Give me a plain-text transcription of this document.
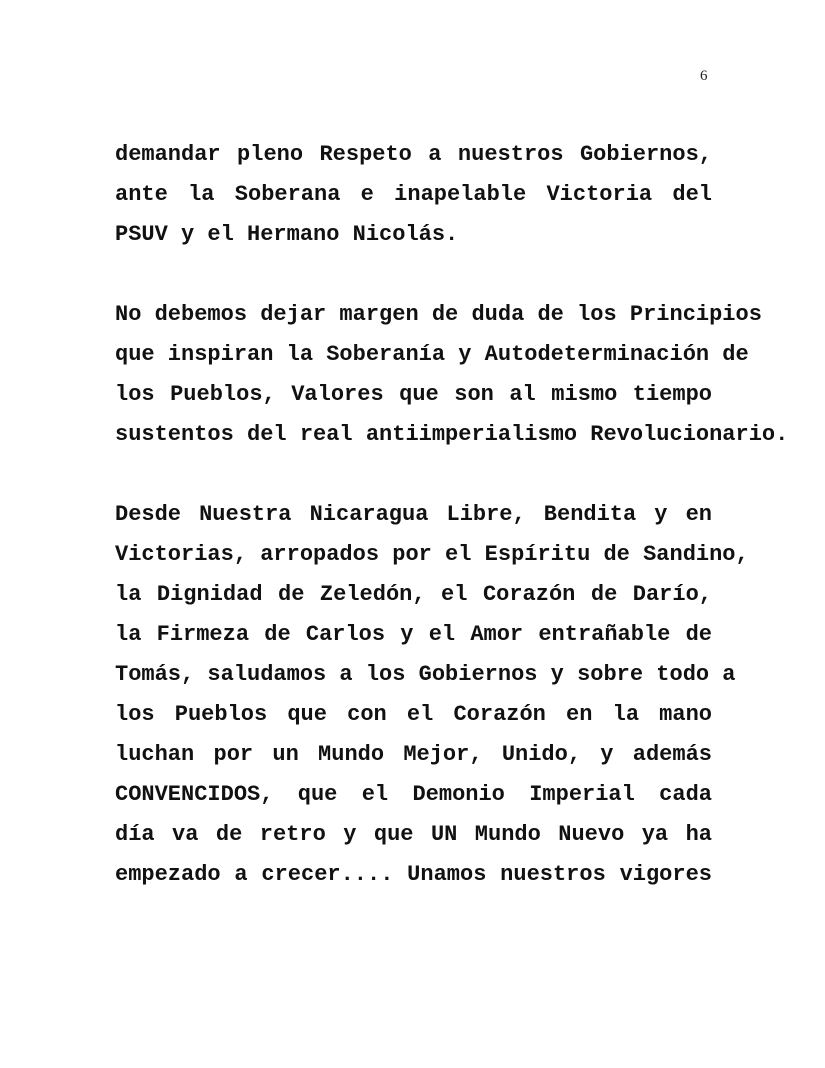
6
demandar pleno Respeto a nuestros Gobiernos,
ante la Soberana e inapelable Victoria del
PSUV y el Hermano Nicolás.
No debemos dejar margen de duda de los Principios
que inspiran la Soberanía y Autodeterminación de
los Pueblos, Valores que son al mismo tiempo
sustentos del real antiimperialismo Revolucionario.
Desde Nuestra Nicaragua Libre, Bendita y en
Victorias, arropados por el Espíritu de Sandino,
la Dignidad de Zeledón, el Corazón de Darío,
la Firmeza de Carlos y el Amor entrañable de
Tomás, saludamos a los Gobiernos y sobre todo a
los Pueblos que con el Corazón en la mano
luchan por un Mundo Mejor, Unido, y además
CONVENCIDOS, que el Demonio Imperial cada
día va de retro y que UN Mundo Nuevo ya ha
empezado a crecer.... Unamos nuestros vigores
